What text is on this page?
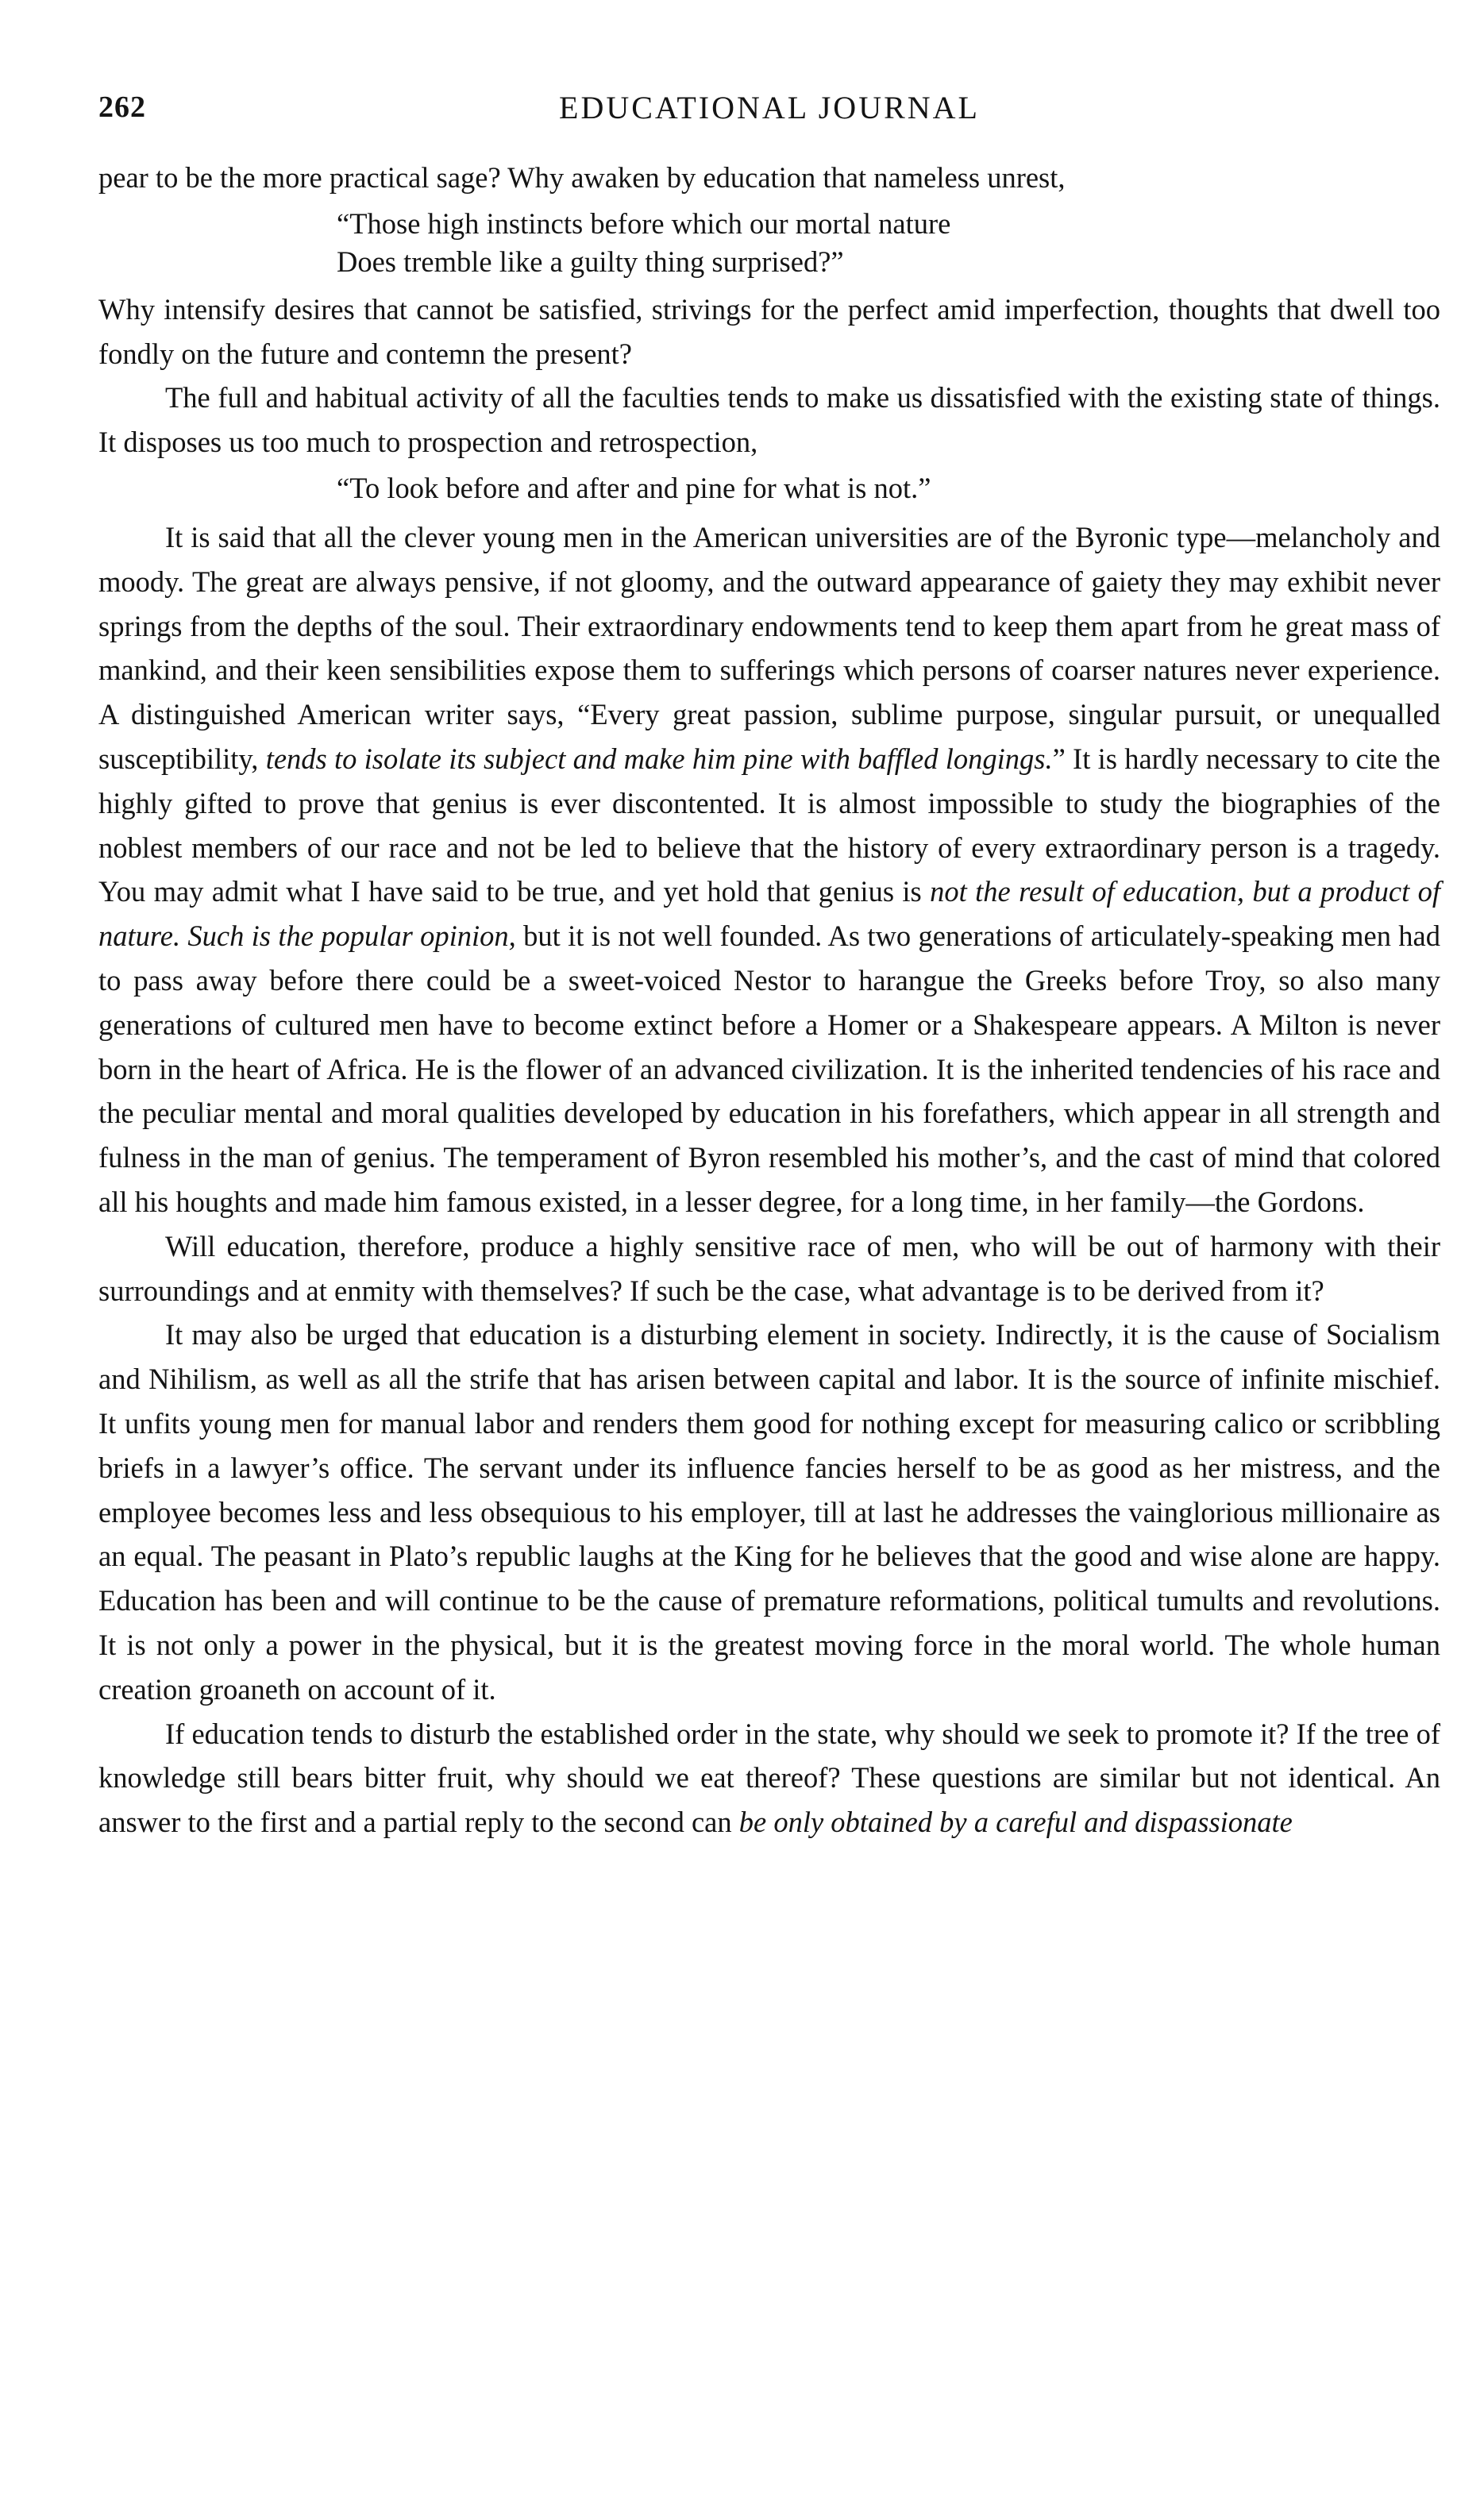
262	EDUCATIONAL JOURNAL

pear to be the more practical sage? Why awaken by education that nameless unrest,

“Those high instincts before which our mortal nature
Does tremble like a guilty thing surprised?”

Why intensify desires that cannot be satisfied, strivings for the perfect amid imperfection, thoughts that dwell too fondly on the future and contemn the present?

The full and habitual activity of all the faculties tends to make us dissatisfied with the existing state of things. It disposes us too much to prospection and retrospection,

“To look before and after and pine for what is not.”

It is said that all the clever young men in the American universities are of the Byronic type—melancholy and moody. The great are always pensive, if not gloomy, and the outward appearance of gaiety they may exhibit never springs from the depths of the soul. Their extraordinary endowments tend to keep them apart from he great mass of mankind, and their keen sensibilities expose them to sufferings which persons of coarser natures never experience. A distinguished American writer says, “Every great passion, sublime purpose, singular pursuit, or unequalled susceptibility, tends to isolate its subject and make him pine with baffled longings.” It is hardly necessary to cite the highly gifted to prove that genius is ever discontented. It is almost impossible to study the biographies of the noblest members of our race and not be led to believe that the history of every extraordinary person is a tragedy. You may admit what I have said to be true, and yet hold that genius is not the result of education, but a product of nature. Such is the popular opinion, but it is not well founded. As two generations of articulately-speaking men had to pass away before there could be a sweet-voiced Nestor to harangue the Greeks before Troy, so also many generations of cultured men have to become extinct before a Homer or a Shakespeare appears. A Milton is never born in the heart of Africa. He is the flower of an advanced civilization. It is the inherited tendencies of his race and the peculiar mental and moral qualities developed by education in his forefathers, which appear in all strength and fulness in the man of genius. The temperament of Byron resembled his mother’s, and the cast of mind that colored all his houghts and made him famous existed, in a lesser degree, for a long time, in her family—the Gordons.

Will education, therefore, produce a highly sensitive race of men, who will be out of harmony with their surroundings and at enmity with themselves? If such be the case, what advantage is to be derived from it?

It may also be urged that education is a disturbing element in society. Indirectly, it is the cause of Socialism and Nihilism, as well as all the strife that has arisen between capital and labor. It is the source of infinite mischief. It unfits young men for manual labor and renders them good for nothing except for measuring calico or scribbling briefs in a lawyer’s office. The servant under its influence fancies herself to be as good as her mistress, and the employee becomes less and less obsequious to his employer, till at last he addresses the vainglorious millionaire as an equal. The peasant in Plato’s republic laughs at the King for he believes that the good and wise alone are happy. Education has been and will continue to be the cause of premature reformations, political tumults and revolutions. It is not only a power in the physical, but it is the greatest moving force in the moral world. The whole human creation groaneth on account of it.

If education tends to disturb the established order in the state, why should we seek to promote it? If the tree of knowledge still bears bitter fruit, why should we eat thereof? These questions are similar but not identical. An answer to the first and a partial reply to the second can be only obtained by a careful and dispassionate
